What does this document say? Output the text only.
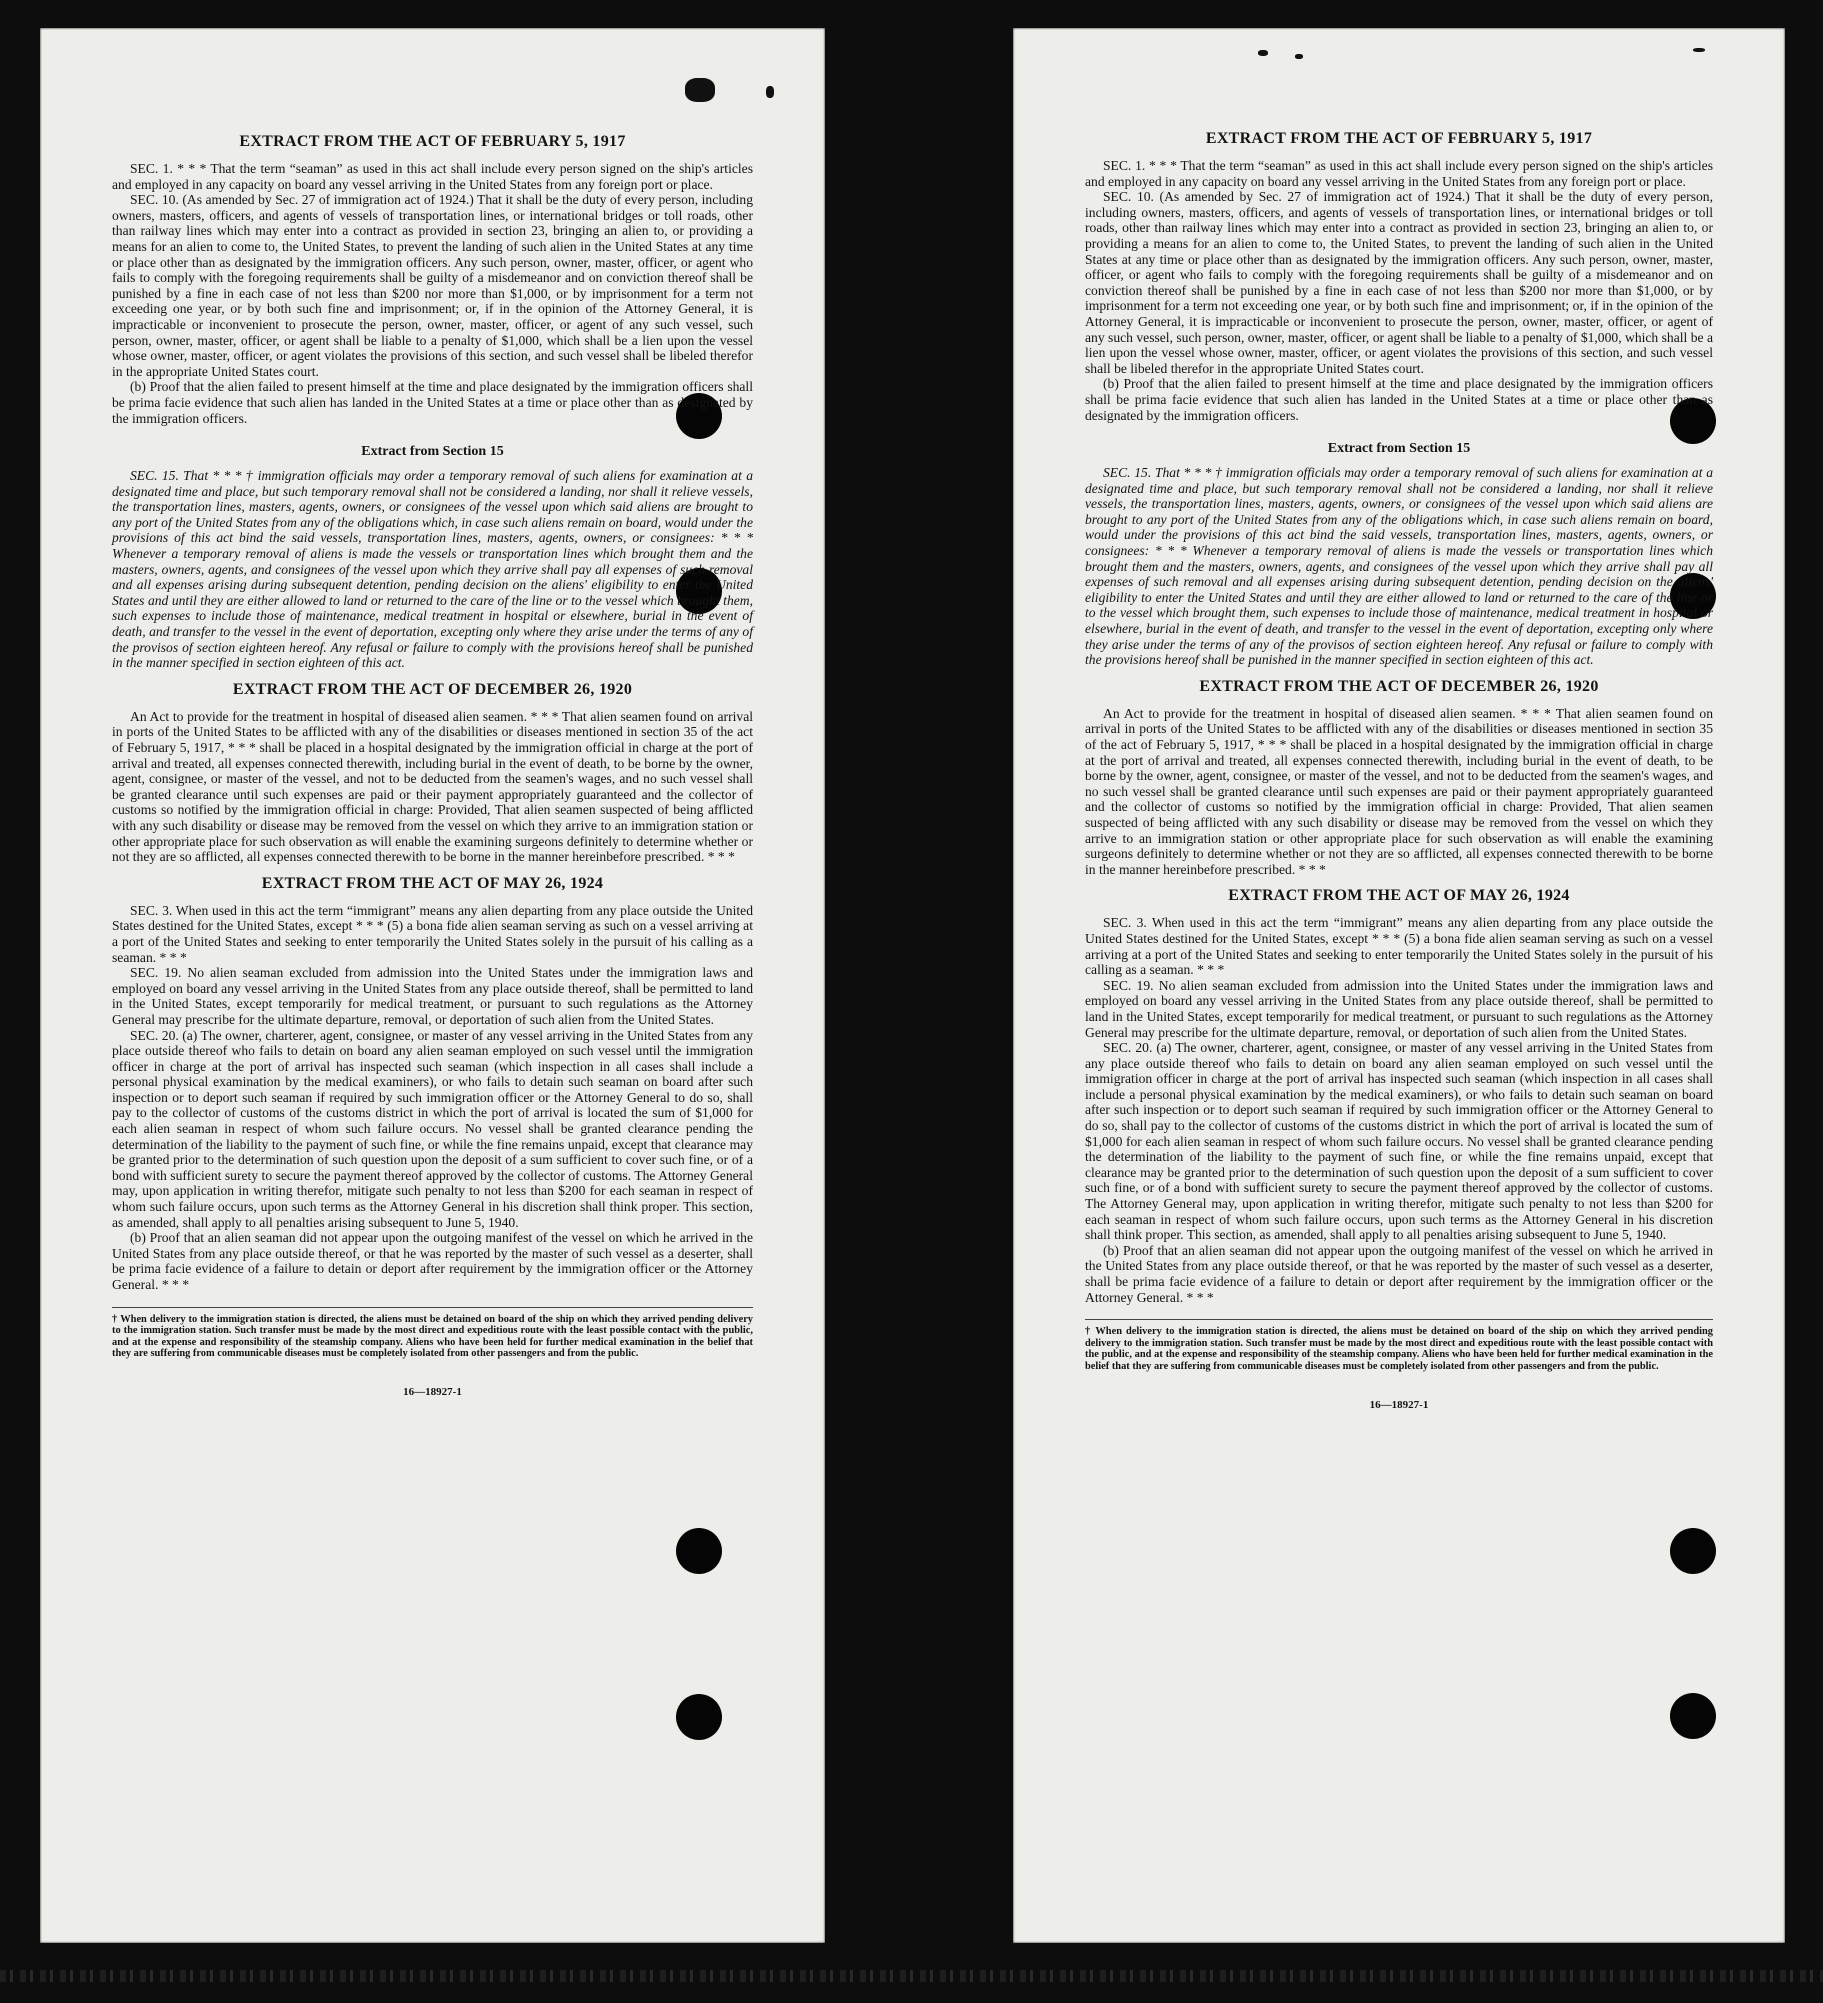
EXTRACT FROM THE ACT OF FEBRUARY 5, 1917

SEC. 1. * * * That the term “seaman” as used in this act shall include every person signed on the ship's articles and employed in any capacity on board any vessel arriving in the United States from any foreign port or place.

SEC. 10. (As amended by Sec. 27 of immigration act of 1924.) That it shall be the duty of every person, including owners, masters, officers, and agents of vessels of transportation lines, or international bridges or toll roads, other than railway lines which may enter into a contract as provided in section 23, bringing an alien to, or providing a means for an alien to come to, the United States, to prevent the landing of such alien in the United States at any time or place other than as designated by the immigration officers. Any such person, owner, master, officer, or agent who fails to comply with the foregoing requirements shall be guilty of a misdemeanor and on conviction thereof shall be punished by a fine in each case of not less than $200 nor more than $1,000, or by imprisonment for a term not exceeding one year, or by both such fine and imprisonment; or, if in the opinion of the Attorney General, it is impracticable or inconvenient to prosecute the person, owner, master, officer, or agent of any such vessel, such person, owner, master, officer, or agent shall be liable to a penalty of $1,000, which shall be a lien upon the vessel whose owner, master, officer, or agent violates the provisions of this section, and such vessel shall be libeled therefor in the appropriate United States court.

(b) Proof that the alien failed to present himself at the time and place designated by the immigration officers shall be prima facie evidence that such alien has landed in the United States at a time or place other than as designated by the immigration officers.

Extract from Section 15

SEC. 15. That * * * † immigration officials may order a temporary removal of such aliens for examination at a designated time and place, but such temporary removal shall not be considered a landing, nor shall it relieve vessels, the transportation lines, masters, agents, owners, or consignees of the vessel upon which said aliens are brought to any port of the United States from any of the obligations which, in case such aliens remain on board, would under the provisions of this act bind the said vessels, transportation lines, masters, agents, owners, or consignees: * * * Whenever a temporary removal of aliens is made the vessels or transportation lines which brought them and the masters, owners, agents, and consignees of the vessel upon which they arrive shall pay all expenses of such removal and all expenses arising during subsequent detention, pending decision on the aliens' eligibility to enter the United States and until they are either allowed to land or returned to the care of the line or to the vessel which brought them, such expenses to include those of maintenance, medical treatment in hospital or elsewhere, burial in the event of death, and transfer to the vessel in the event of deportation, excepting only where they arise under the terms of any of the provisos of section eighteen hereof. Any refusal or failure to comply with the provisions hereof shall be punished in the manner specified in section eighteen of this act.

EXTRACT FROM THE ACT OF DECEMBER 26, 1920

An Act to provide for the treatment in hospital of diseased alien seamen. * * * That alien seamen found on arrival in ports of the United States to be afflicted with any of the disabilities or diseases mentioned in section 35 of the act of February 5, 1917, * * * shall be placed in a hospital designated by the immigration official in charge at the port of arrival and treated, all expenses connected therewith, including burial in the event of death, to be borne by the owner, agent, consignee, or master of the vessel, and not to be deducted from the seamen's wages, and no such vessel shall be granted clearance until such expenses are paid or their payment appropriately guaranteed and the collector of customs so notified by the immigration official in charge: Provided, That alien seamen suspected of being afflicted with any such disability or disease may be removed from the vessel on which they arrive to an immigration station or other appropriate place for such observation as will enable the examining surgeons definitely to determine whether or not they are so afflicted, all expenses connected therewith to be borne in the manner hereinbefore prescribed. * * *

EXTRACT FROM THE ACT OF MAY 26, 1924

SEC. 3. When used in this act the term “immigrant” means any alien departing from any place outside the United States destined for the United States, except * * * (5) a bona fide alien seaman serving as such on a vessel arriving at a port of the United States and seeking to enter temporarily the United States solely in the pursuit of his calling as a seaman. * * *

SEC. 19. No alien seaman excluded from admission into the United States under the immigration laws and employed on board any vessel arriving in the United States from any place outside thereof, shall be permitted to land in the United States, except temporarily for medical treatment, or pursuant to such regulations as the Attorney General may prescribe for the ultimate departure, removal, or deportation of such alien from the United States.

SEC. 20. (a) The owner, charterer, agent, consignee, or master of any vessel arriving in the United States from any place outside thereof who fails to detain on board any alien seaman employed on such vessel until the immigration officer in charge at the port of arrival has inspected such seaman (which inspection in all cases shall include a personal physical examination by the medical examiners), or who fails to detain such seaman on board after such inspection or to deport such seaman if required by such immigration officer or the Attorney General to do so, shall pay to the collector of customs of the customs district in which the port of arrival is located the sum of $1,000 for each alien seaman in respect of whom such failure occurs. No vessel shall be granted clearance pending the determination of the liability to the payment of such fine, or while the fine remains unpaid, except that clearance may be granted prior to the determination of such question upon the deposit of a sum sufficient to cover such fine, or of a bond with sufficient surety to secure the payment thereof approved by the collector of customs. The Attorney General may, upon application in writing therefor, mitigate such penalty to not less than $200 for each seaman in respect of whom such failure occurs, upon such terms as the Attorney General in his discretion shall think proper. This section, as amended, shall apply to all penalties arising subsequent to June 5, 1940.

(b) Proof that an alien seaman did not appear upon the outgoing manifest of the vessel on which he arrived in the United States from any place outside thereof, or that he was reported by the master of such vessel as a deserter, shall be prima facie evidence of a failure to detain or deport after requirement by the immigration officer or the Attorney General. * * *

† When delivery to the immigration station is directed, the aliens must be detained on board of the ship on which they arrived pending delivery to the immigration station. Such transfer must be made by the most direct and expeditious route with the least possible contact with the public, and at the expense and responsibility of the steamship company. Aliens who have been held for further medical examination in the belief that they are suffering from communicable diseases must be completely isolated from other passengers and from the public.
16—18927-1
EXTRACT FROM THE ACT OF FEBRUARY 5, 1917

SEC. 1. * * * That the term “seaman” as used in this act shall include every person signed on the ship's articles and employed in any capacity on board any vessel arriving in the United States from any foreign port or place.

SEC. 10. (As amended by Sec. 27 of immigration act of 1924.) That it shall be the duty of every person, including owners, masters, officers, and agents of vessels of transportation lines, or international bridges or toll roads, other than railway lines which may enter into a contract as provided in section 23, bringing an alien to, or providing a means for an alien to come to, the United States, to prevent the landing of such alien in the United States at any time or place other than as designated by the immigration officers. Any such person, owner, master, officer, or agent who fails to comply with the foregoing requirements shall be guilty of a misdemeanor and on conviction thereof shall be punished by a fine in each case of not less than $200 nor more than $1,000, or by imprisonment for a term not exceeding one year, or by both such fine and imprisonment; or, if in the opinion of the Attorney General, it is impracticable or inconvenient to prosecute the person, owner, master, officer, or agent of any such vessel, such person, owner, master, officer, or agent shall be liable to a penalty of $1,000, which shall be a lien upon the vessel whose owner, master, officer, or agent violates the provisions of this section, and such vessel shall be libeled therefor in the appropriate United States court.

(b) Proof that the alien failed to present himself at the time and place designated by the immigration officers shall be prima facie evidence that such alien has landed in the United States at a time or place other than as designated by the immigration officers.

Extract from Section 15

SEC. 15. That * * * † immigration officials may order a temporary removal of such aliens for examination at a designated time and place, but such temporary removal shall not be considered a landing, nor shall it relieve vessels, the transportation lines, masters, agents, owners, or consignees of the vessel upon which said aliens are brought to any port of the United States from any of the obligations which, in case such aliens remain on board, would under the provisions of this act bind the said vessels, transportation lines, masters, agents, owners, or consignees: * * * Whenever a temporary removal of aliens is made the vessels or transportation lines which brought them and the masters, owners, agents, and consignees of the vessel upon which they arrive shall pay all expenses of such removal and all expenses arising during subsequent detention, pending decision on the aliens' eligibility to enter the United States and until they are either allowed to land or returned to the care of the line or to the vessel which brought them, such expenses to include those of maintenance, medical treatment in hospital or elsewhere, burial in the event of death, and transfer to the vessel in the event of deportation, excepting only where they arise under the terms of any of the provisos of section eighteen hereof. Any refusal or failure to comply with the provisions hereof shall be punished in the manner specified in section eighteen of this act.

EXTRACT FROM THE ACT OF DECEMBER 26, 1920

An Act to provide for the treatment in hospital of diseased alien seamen. * * * That alien seamen found on arrival in ports of the United States to be afflicted with any of the disabilities or diseases mentioned in section 35 of the act of February 5, 1917, * * * shall be placed in a hospital designated by the immigration official in charge at the port of arrival and treated, all expenses connected therewith, including burial in the event of death, to be borne by the owner, agent, consignee, or master of the vessel, and not to be deducted from the seamen's wages, and no such vessel shall be granted clearance until such expenses are paid or their payment appropriately guaranteed and the collector of customs so notified by the immigration official in charge: Provided, That alien seamen suspected of being afflicted with any such disability or disease may be removed from the vessel on which they arrive to an immigration station or other appropriate place for such observation as will enable the examining surgeons definitely to determine whether or not they are so afflicted, all expenses connected therewith to be borne in the manner hereinbefore prescribed. * * *

EXTRACT FROM THE ACT OF MAY 26, 1924

SEC. 3. When used in this act the term “immigrant” means any alien departing from any place outside the United States destined for the United States, except * * * (5) a bona fide alien seaman serving as such on a vessel arriving at a port of the United States and seeking to enter temporarily the United States solely in the pursuit of his calling as a seaman. * * *

SEC. 19. No alien seaman excluded from admission into the United States under the immigration laws and employed on board any vessel arriving in the United States from any place outside thereof, shall be permitted to land in the United States, except temporarily for medical treatment, or pursuant to such regulations as the Attorney General may prescribe for the ultimate departure, removal, or deportation of such alien from the United States.

SEC. 20. (a) The owner, charterer, agent, consignee, or master of any vessel arriving in the United States from any place outside thereof who fails to detain on board any alien seaman employed on such vessel until the immigration officer in charge at the port of arrival has inspected such seaman (which inspection in all cases shall include a personal physical examination by the medical examiners), or who fails to detain such seaman on board after such inspection or to deport such seaman if required by such immigration officer or the Attorney General to do so, shall pay to the collector of customs of the customs district in which the port of arrival is located the sum of $1,000 for each alien seaman in respect of whom such failure occurs. No vessel shall be granted clearance pending the determination of the liability to the payment of such fine, or while the fine remains unpaid, except that clearance may be granted prior to the determination of such question upon the deposit of a sum sufficient to cover such fine, or of a bond with sufficient surety to secure the payment thereof approved by the collector of customs. The Attorney General may, upon application in writing therefor, mitigate such penalty to not less than $200 for each seaman in respect of whom such failure occurs, upon such terms as the Attorney General in his discretion shall think proper. This section, as amended, shall apply to all penalties arising subsequent to June 5, 1940.

(b) Proof that an alien seaman did not appear upon the outgoing manifest of the vessel on which he arrived in the United States from any place outside thereof, or that he was reported by the master of such vessel as a deserter, shall be prima facie evidence of a failure to detain or deport after requirement by the immigration officer or the Attorney General. * * *

† When delivery to the immigration station is directed, the aliens must be detained on board of the ship on which they arrived pending delivery to the immigration station. Such transfer must be made by the most direct and expeditious route with the least possible contact with the public, and at the expense and responsibility of the steamship company. Aliens who have been held for further medical examination in the belief that they are suffering from communicable diseases must be completely isolated from other passengers and from the public.
16—18927-1
